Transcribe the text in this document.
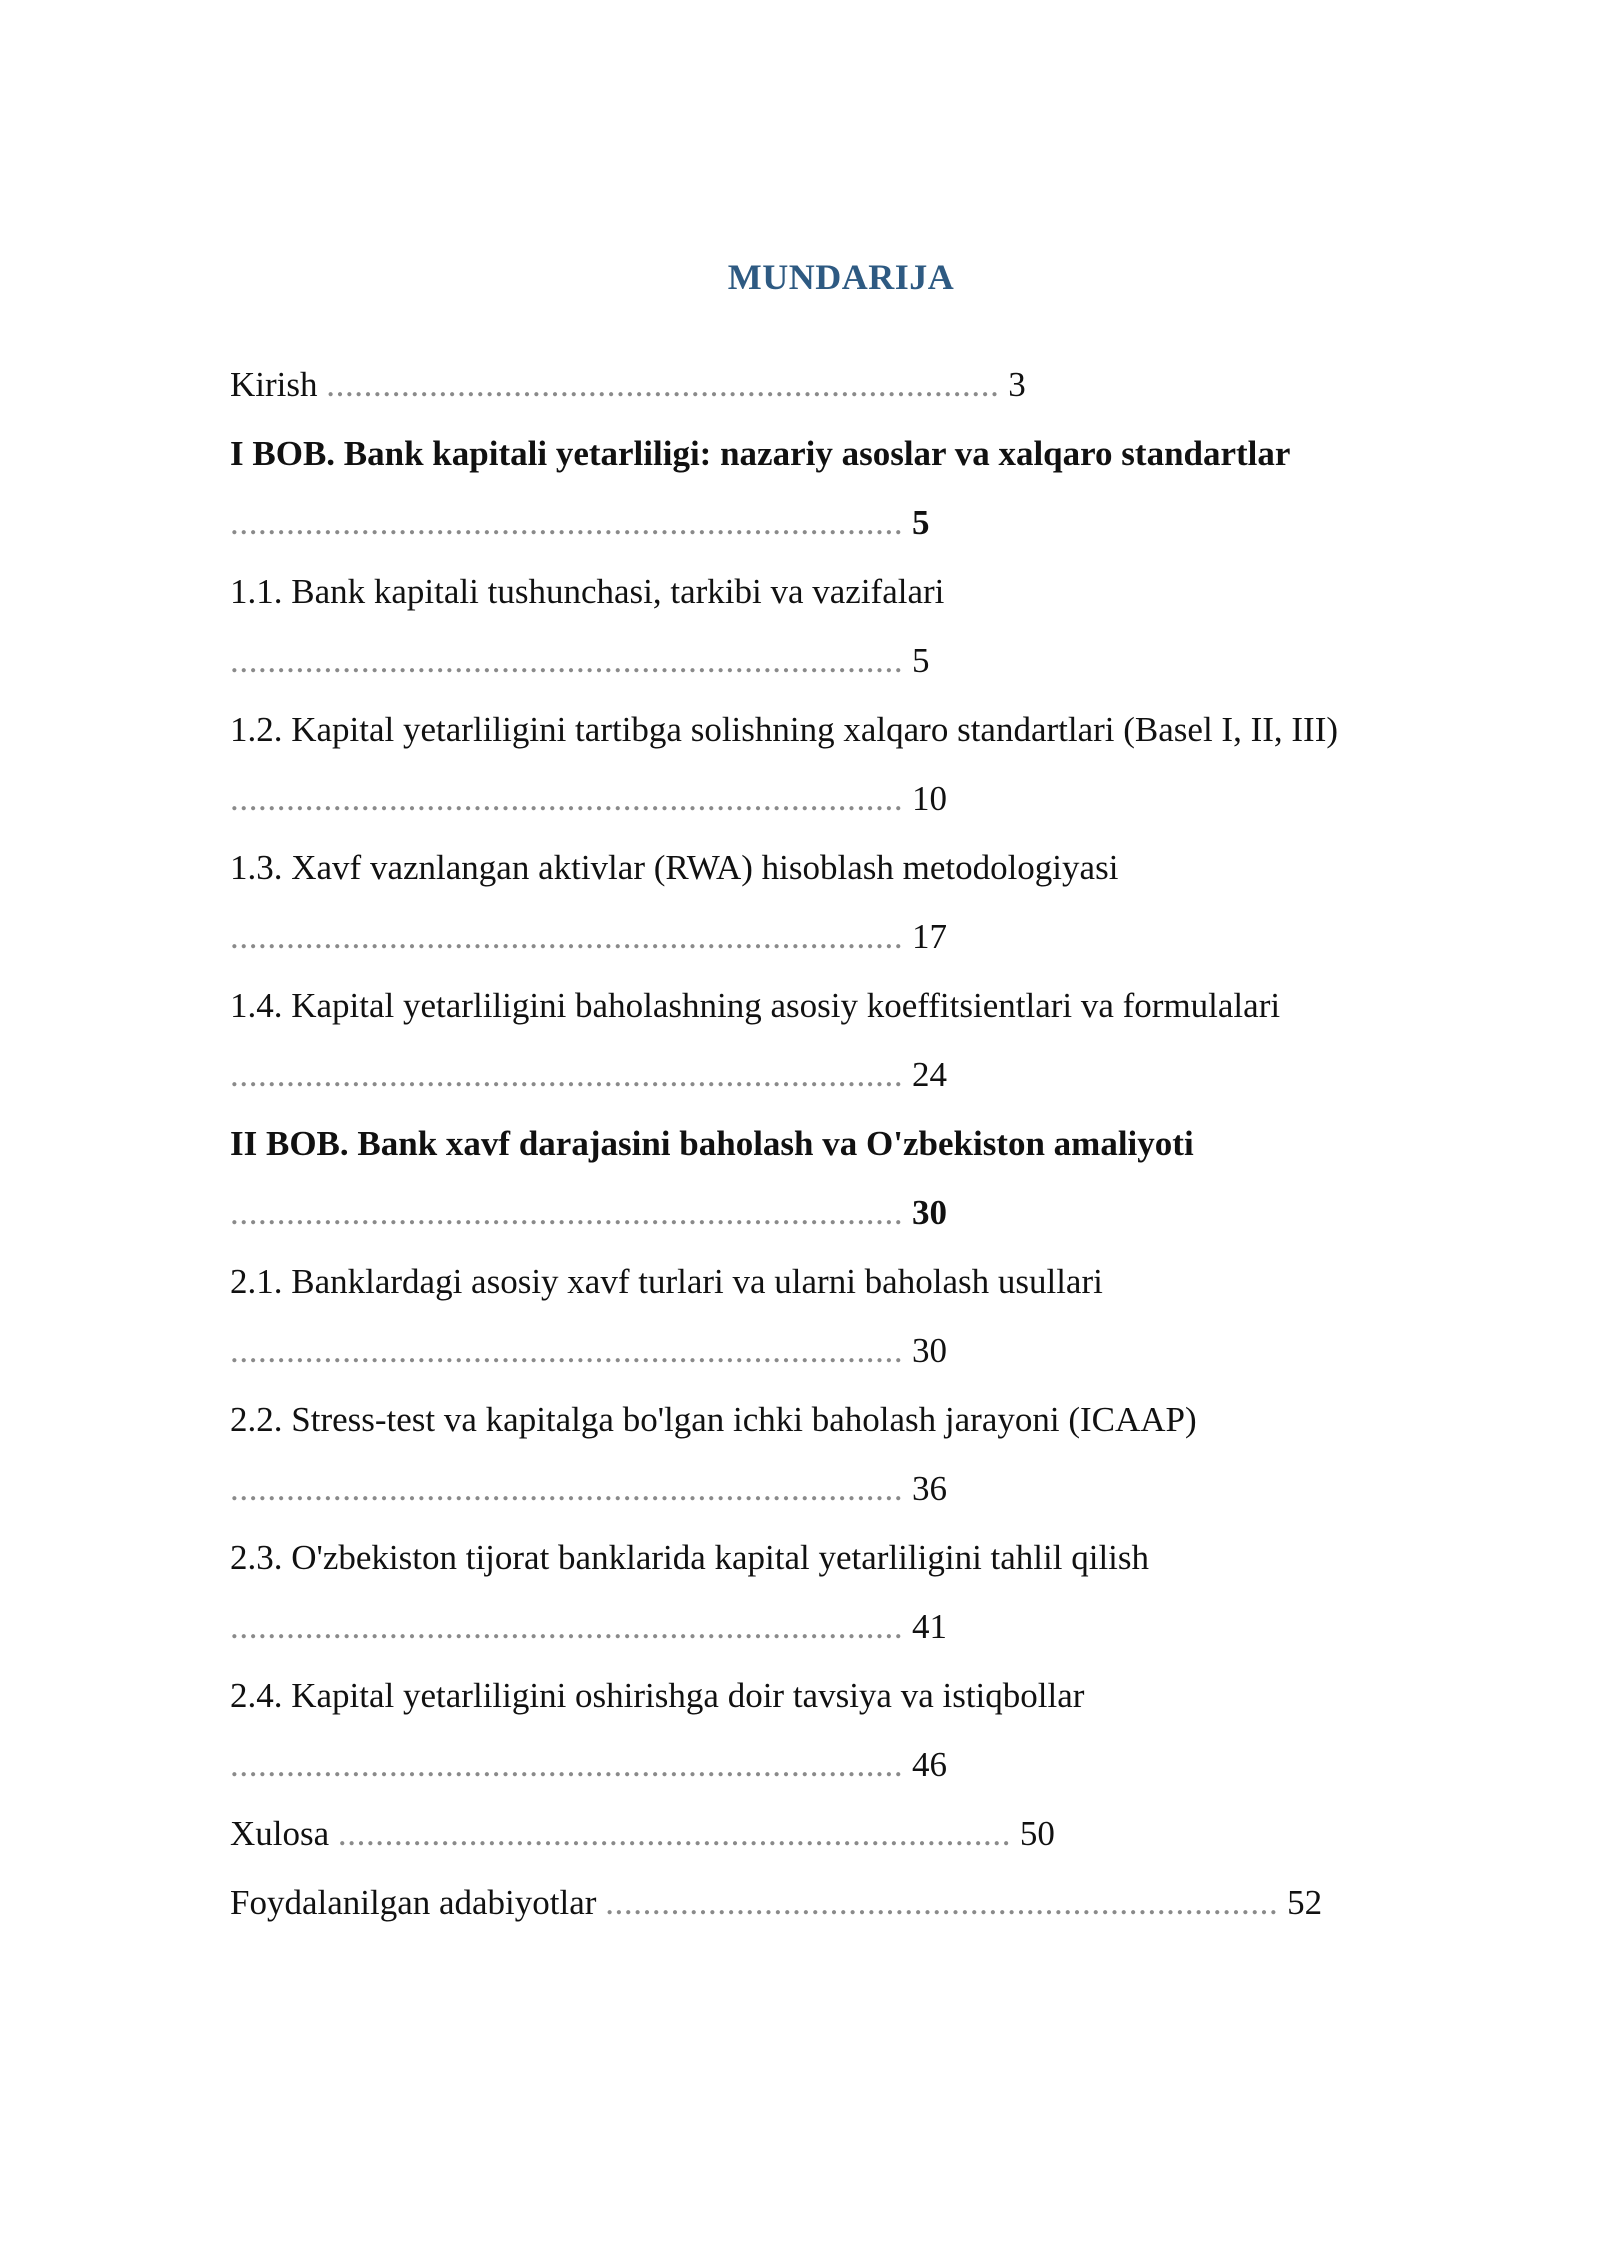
MUNDARIJA

Kirish ........................................................................ 3

I BOB. Bank kapitali yetarliligi: nazariy asoslar va xalqaro standartlar

........................................................................ 5

1.1. Bank kapitali tushunchasi, tarkibi va vazifalari

........................................................................ 5

1.2. Kapital yetarliligini tartibga solishning xalqaro standartlari (Basel I, II, III)

........................................................................ 10

1.3. Xavf vaznlangan aktivlar (RWA) hisoblash metodologiyasi

........................................................................ 17

1.4. Kapital yetarliligini baholashning asosiy koeffitsientlari va formulalari

........................................................................ 24

II BOB. Bank xavf darajasini baholash va O'zbekiston amaliyoti

........................................................................ 30

2.1. Banklardagi asosiy xavf turlari va ularni baholash usullari

........................................................................ 30

2.2. Stress-test va kapitalga bo'lgan ichki baholash jarayoni (ICAAP)

........................................................................ 36

2.3. O'zbekiston tijorat banklarida kapital yetarliligini tahlil qilish

........................................................................ 41

2.4. Kapital yetarliligini oshirishga doir tavsiya va istiqbollar

........................................................................ 46

Xulosa ........................................................................ 50

Foydalanilgan adabiyotlar ........................................................................ 52
